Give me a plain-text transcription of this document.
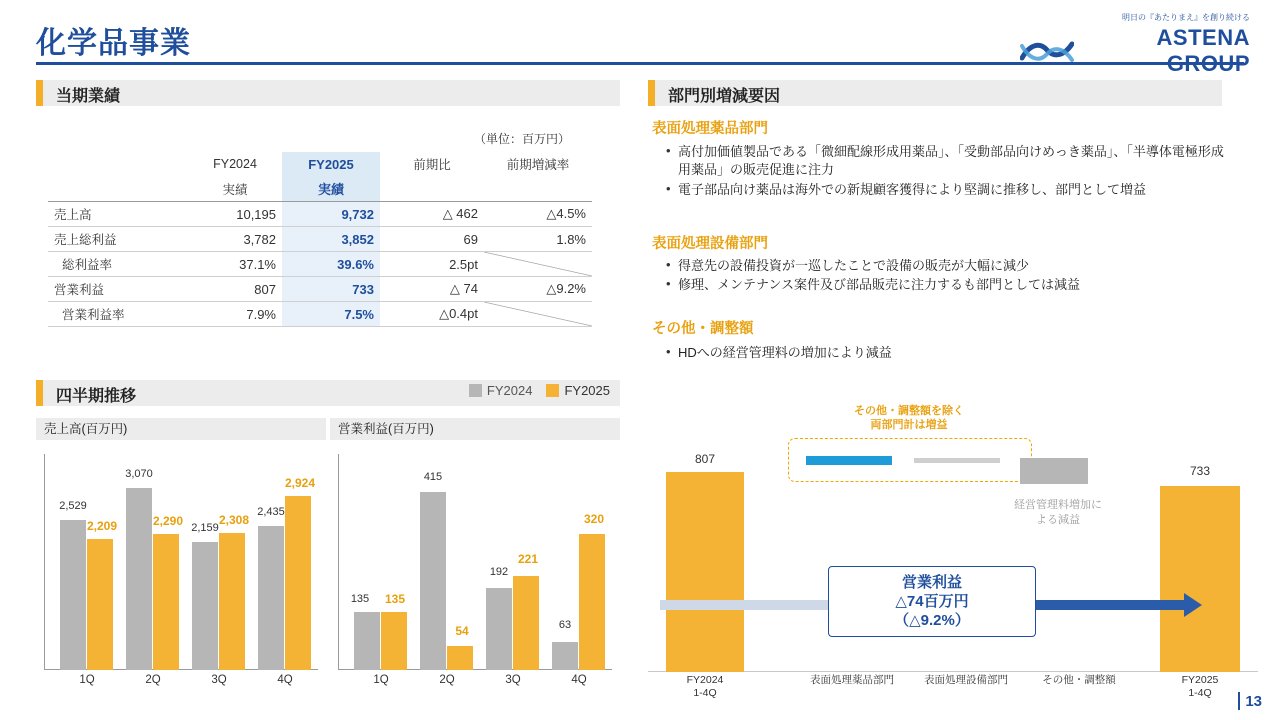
化学品事業
明日の『あたりまえ』を創り続ける
ASTENA GROUP
当期業績
（単位：百万円）
	FY2024	FY2025	前期比	前期増減率
	実績	実績		
売上高	10,195	9,732	△ 462	△4.5%
売上総利益	3,782	3,852	69	1.8%
総利益率	37.1%	39.6%	2.5pt	
営業利益	807	733	△ 74	△9.2%
営業利益率	7.9%	7.5%	△0.4pt	
四半期推移	FY2024	FY2025
売上高(百万円)
2,529
2,209
1Q
3,070
2,290
2Q
2,159
2,308
3Q
2,435
2,924
4Q
営業利益(百万円)
135	135
1Q
415
54
2Q
192
221
3Q
63
320
4Q
部門別増減要因
表面処理薬品部門
• 高付加価値製品である「微細配線形成用薬品」、「受動部品向けめっき薬品」、「半導体電極形成用薬品」の販売促進に注力
• 電子部品向け薬品は海外での新規顧客獲得により堅調に推移し、部門として増益
表面処理設備部門
• 得意先の設備投資が一巡したことで設備の販売が大幅に減少
• 修理、メンテナンス案件及び部品販売に注力するも部門としては減益
その他・調整額
• HDへの経営管理料の増加により減益
その他・調整額を除く
両部門計は増益
807
経営管理料増加に
よる減益
733
営業利益
△74百万円
（△9.2%）
FY2024
1-4Q
表面処理薬品部門	表面処理設備部門	その他・調整額	FY2025
1-4Q	13
